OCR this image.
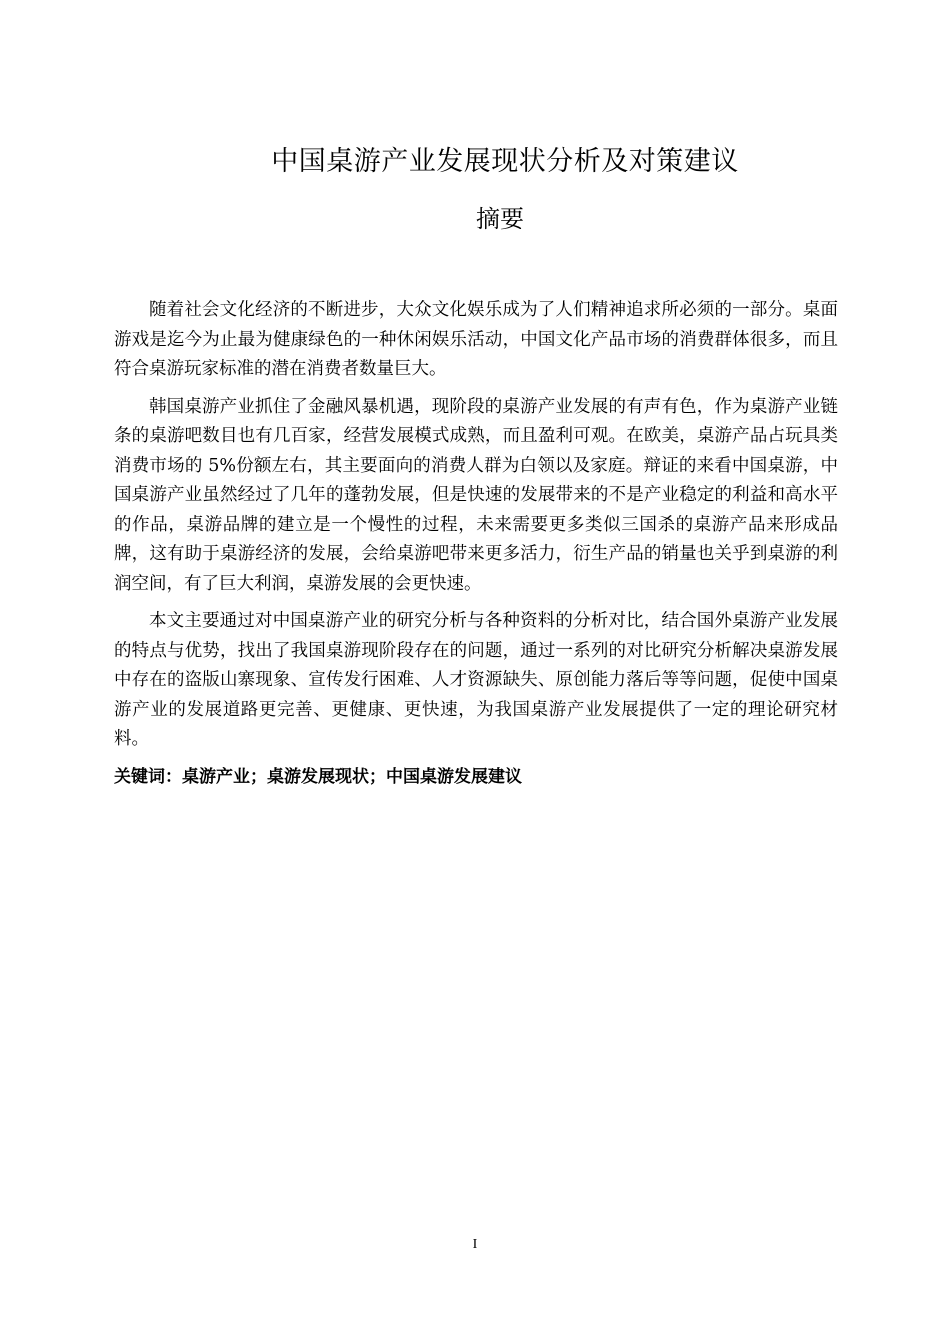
中国桌游产业发展现状分析及对策建议
摘要

随着社会文化经济的不断进步，大众文化娱乐成为了人们精神追求所必须的一部分。桌面游戏是迄今为止最为健康绿色的一种休闲娱乐活动，中国文化产品市场的消费群体很多，而且符合桌游玩家标准的潜在消费者数量巨大。

韩国桌游产业抓住了金融风暴机遇，现阶段的桌游产业发展的有声有色，作为桌游产业链条的桌游吧数目也有几百家，经营发展模式成熟，而且盈利可观。在欧美，桌游产品占玩具类消费市场的 5%份额左右，其主要面向的消费人群为白领以及家庭。辩证的来看中国桌游，中国桌游产业虽然经过了几年的蓬勃发展，但是快速的发展带来的不是产业稳定的利益和高水平的作品，桌游品牌的建立是一个慢性的过程，未来需要更多类似三国杀的桌游产品来形成品牌，这有助于桌游经济的发展，会给桌游吧带来更多活力，衍生产品的销量也关乎到桌游的利润空间，有了巨大利润，桌游发展的会更快速。

本文主要通过对中国桌游产业的研究分析与各种资料的分析对比，结合国外桌游产业发展的特点与优势，找出了我国桌游现阶段存在的问题，通过一系列的对比研究分析解决桌游发展中存在的盗版山寨现象、宣传发行困难、人才资源缺失、原创能力落后等等问题，促使中国桌游产业的发展道路更完善、更健康、更快速，为我国桌游产业发展提供了一定的理论研究材料。

关键词：桌游产业；桌游发展现状；中国桌游发展建议
I
